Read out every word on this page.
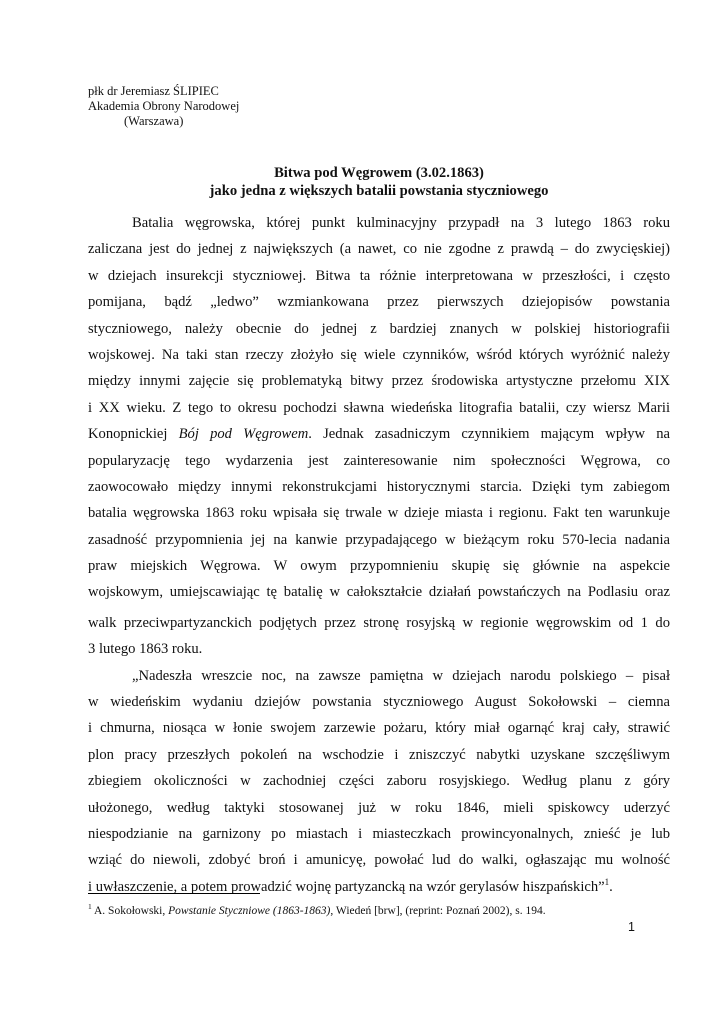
płk dr Jeremiasz ŚLIPIEC
Akademia Obrony Narodowej
(Warszawa)
Bitwa pod Węgrowem (3.02.1863)
jako jedna z większych batalii powstania styczniowego
Batalia węgrowska, której punkt kulminacyjny przypadł na 3 lutego 1863 roku
zaliczana jest do jednej z największych (a nawet, co nie zgodne z prawdą – do zwycięskiej)
w dziejach insurekcji styczniowej. Bitwa ta różnie interpretowana w przeszłości, i często
pomijana, bądź „ledwo” wzmiankowana przez pierwszych dziejopisów powstania
styczniowego, należy obecnie do jednej z bardziej znanych w polskiej historiografii
wojskowej. Na taki stan rzeczy złożyło się wiele czynników, wśród których wyróżnić należy
między innymi zajęcie się problematyką bitwy przez środowiska artystyczne przełomu XIX
i XX wieku. Z tego to okresu pochodzi sławna wiedeńska litografia batalii, czy wiersz Marii
Konopnickiej Bój pod Węgrowem. Jednak zasadniczym czynnikiem mającym wpływ na
popularyzację tego wydarzenia jest zainteresowanie nim społeczności Węgrowa, co
zaowocowało między innymi rekonstrukcjami historycznymi starcia. Dzięki tym zabiegom
batalia węgrowska 1863 roku wpisała się trwale w dzieje miasta i regionu. Fakt ten warunkuje
zasadność przypomnienia jej na kanwie przypadającego w bieżącym roku 570-lecia nadania
praw miejskich Węgrowa. W owym przypomnieniu skupię się głównie na aspekcie
wojskowym, umiejscawiając tę batalię w całokształcie działań powstańczych na Podlasiu oraz
walk przeciwpartyzanckich podjętych przez stronę rosyjską w regionie węgrowskim od 1 do
3 lutego 1863 roku.
„Nadeszła wreszcie noc, na zawsze pamiętna w dziejach narodu polskiego – pisał
w wiedeńskim wydaniu dziejów powstania styczniowego August Sokołowski – ciemna
i chmurna, niosąca w łonie swojem zarzewie pożaru, który miał ogarnąć kraj cały, strawić
plon pracy przeszłych pokoleń na wschodzie i zniszczyć nabytki uzyskane szczęśliwym
zbiegiem okoliczności w zachodniej części zaboru rosyjskiego. Według planu z góry
ułożonego, według taktyki stosowanej już w roku 1846, mieli spiskowcy uderzyć
niespodzianie na garnizony po miastach i miasteczkach prowincyonalnych, znieść je lub
wziąć do niewoli, zdobyć broń i amunicyę, powołać lud do walki, ogłaszając mu wolność
i uwłaszczenie, a potem prowadzić wojnę partyzancką na wzór gerylasów hiszpańskich”$^1$.
$^1$ A. Sokołowski, Powstanie Styczniowe (1863-1863), Wiedeń [brw], (reprint: Poznań 2002), s. 194.
1
